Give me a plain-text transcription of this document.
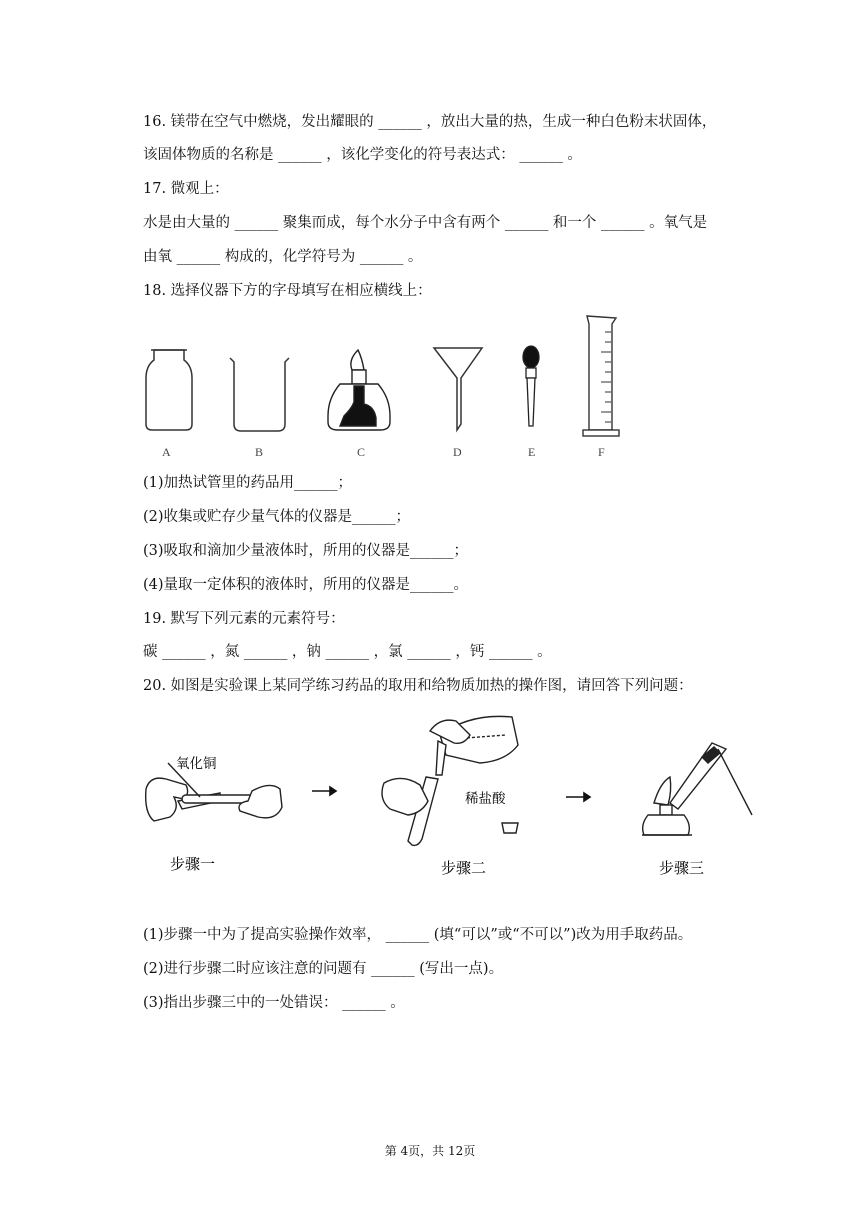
16. 镁带在空气中燃烧，发出耀眼的 ______ ，放出大量的热，生成一种白色粉末状固体，
该固体物质的名称是 ______ ，该化学变化的符号表达式： ______ 。
17. 微观上：
水是由大量的 ______ 聚集而成，每个水分子中含有两个 ______ 和一个 ______ 。氧气是
由氧 ______ 构成的，化学符号为 ______ 。
18. 选择仪器下方的字母填写在相应横线上：
A	B	C	D	E	F
(1)加热试管里的药品用______；
(2)收集或贮存少量气体的仪器是______；
(3)吸取和滴加少量液体时，所用的仪器是______；
(4)量取一定体积的液体时，所用的仪器是______。
19. 默写下列元素的元素符号：
碳 ______ ，氮 ______ ，钠 ______ ，氯 ______ ，钙 ______ 。
20. 如图是实验课上某同学练习药品的取用和给物质加热的操作图，请回答下列问题：
氧化铜
稀盐酸
步骤一	步骤二	步骤三
(1)步骤一中为了提高实验操作效率， ______ (填“可以”或“不可以”)改为用手取药品。
(2)进行步骤二时应该注意的问题有 ______ (写出一点)。
(3)指出步骤三中的一处错误： ______ 。
第 4页，共 12页
